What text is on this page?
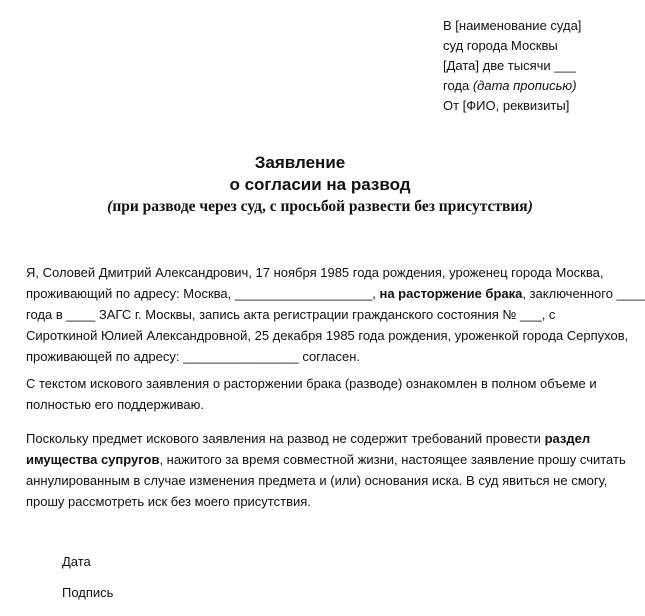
В [наименование суда]
суд города Москвы
[Дата] две тысячи ___
года (дата прописью)
От [ФИО, реквизиты]
Заявление
о согласии на развод
(при разводе через суд, с просьбой развести без присутствия)
Я, Соловей Дмитрий Александрович, 17 ноября 1985 года рождения, уроженец города Москва,
проживающий по адресу: Москва, ___________________, на расторжение брака, заключенного ____
года в ____ ЗАГС г. Москвы, запись акта регистрации гражданского состояния № ___, с
Сироткиной Юлией Александровной, 25 декабря 1985 года рождения, уроженкой города Серпухов,
проживающей по адресу: ________________ согласен.
С текстом искового заявления о расторжении брака (разводе) ознакомлен в полном объеме и
полностью его поддерживаю.
Поскольку предмет искового заявления на развод не содержит требований провести раздел
имущества супругов, нажитого за время совместной жизни, настоящее заявление прошу считать
аннулированным в случае изменения предмета и (или) основания иска. В суд явиться не смогу,
прошу рассмотреть иск без моего присутствия.
Дата
Подпись
